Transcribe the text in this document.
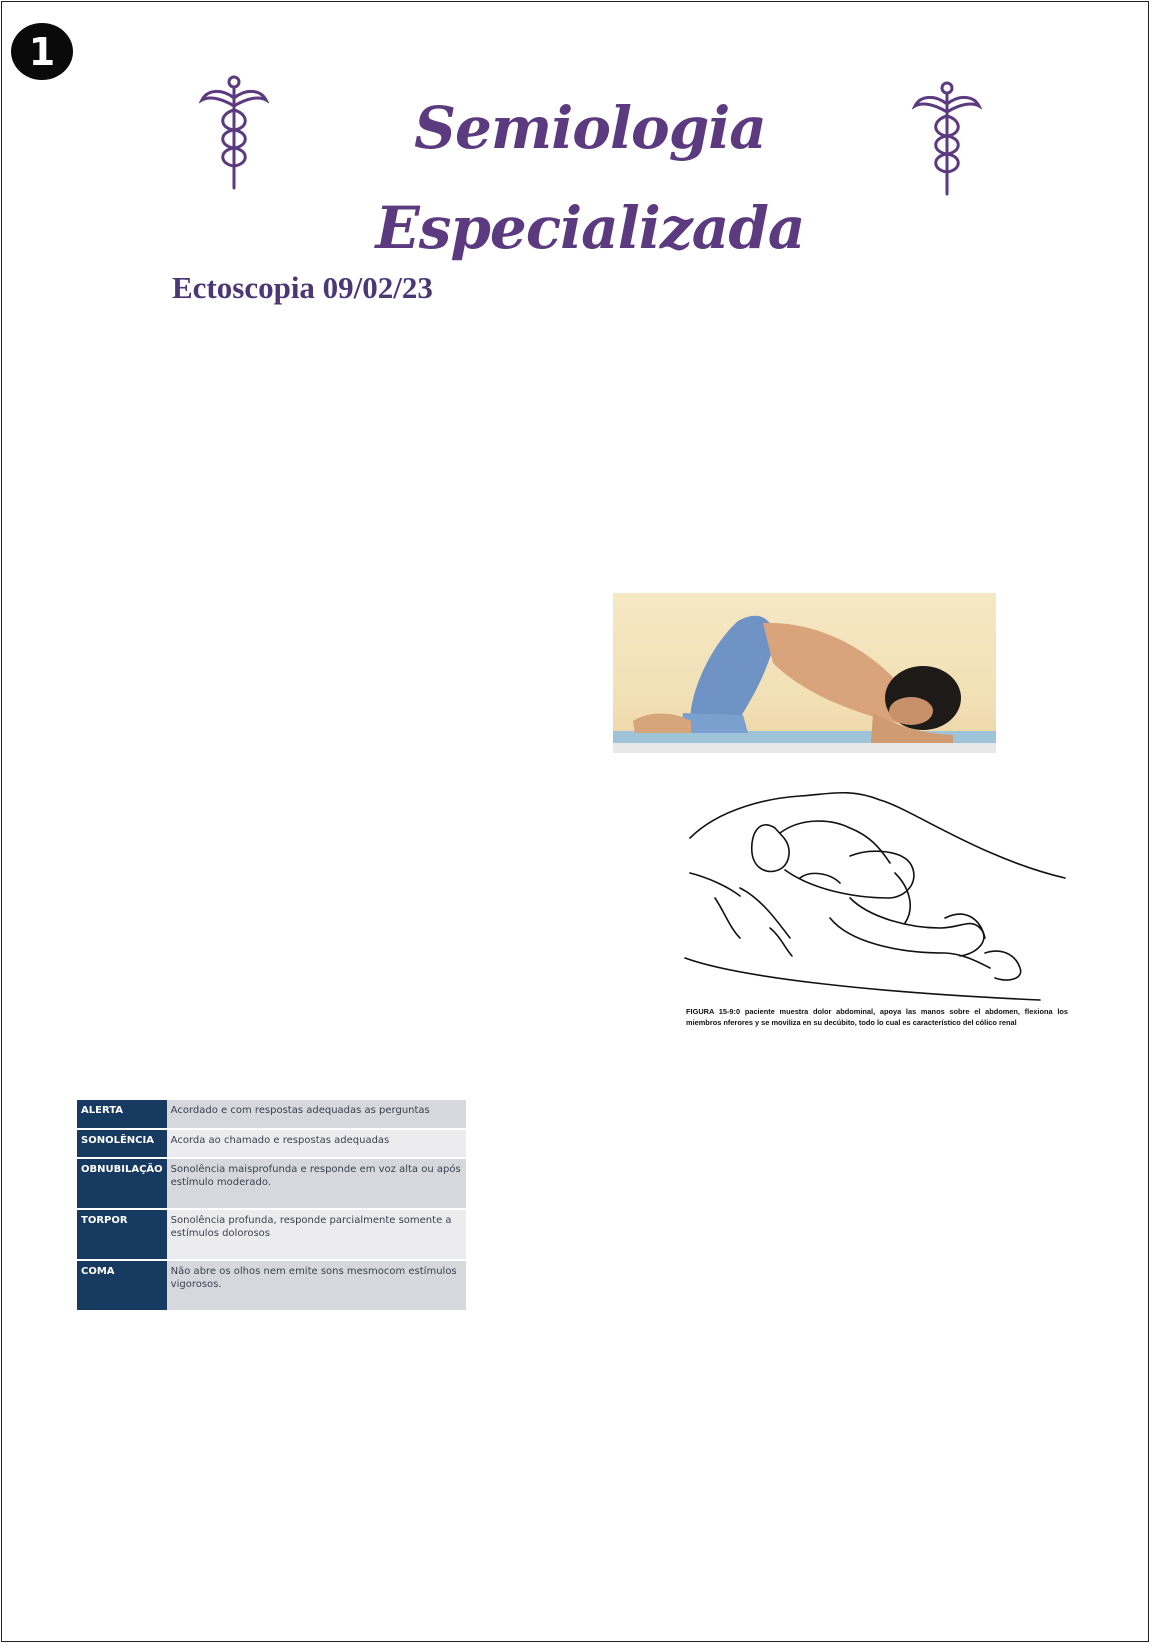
1
Semiologia Especializada
Ectoscopia 09/02/23
FIGURA 15-9:0 paciente muestra dolor abdominal, apoya las manos sobre el abdomen, flexiona los miembros nferores y se moviliza en su decúbito, todo lo cual es característico del cólico renal
ALERTA	Acordado e com respostas adequadas as perguntas
SONOLÊNCIA	Acorda ao chamado e respostas adequadas
OBNUBILAÇÃO	Sonolência maisprofunda e responde em voz alta ou após estímulo moderado.
TORPOR	Sonolência profunda, responde parcialmente somente a estímulos dolorosos
COMA	Não abre os olhos nem emite sons mesmocom estímulos vigorosos.
